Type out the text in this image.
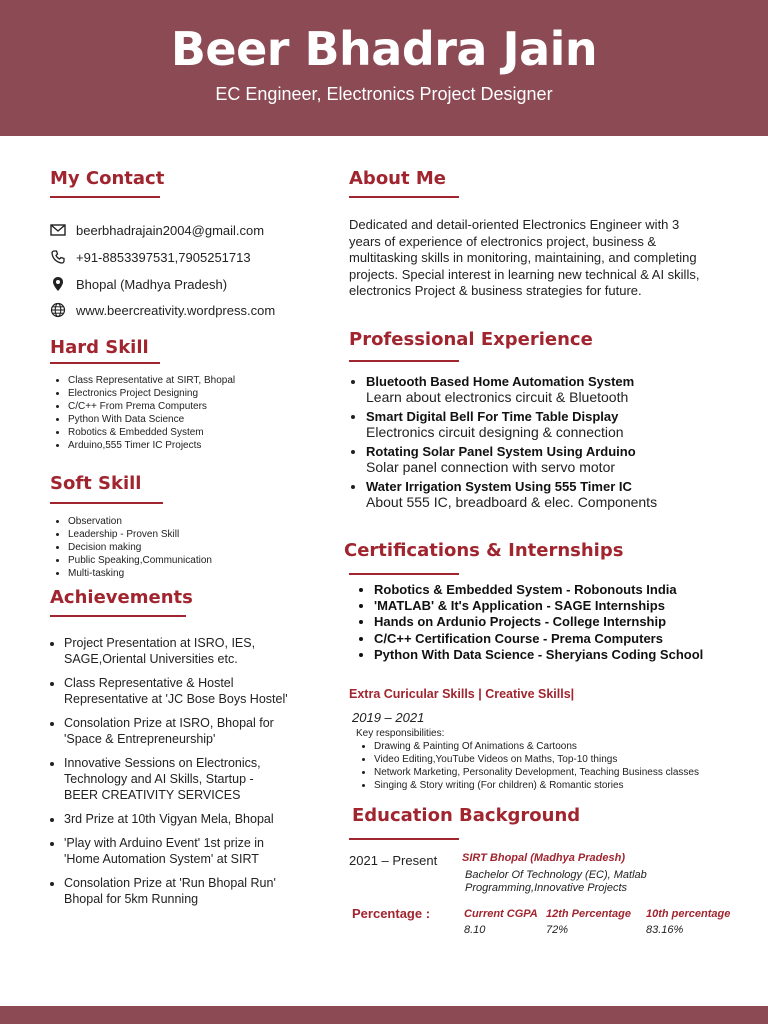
Beer Bhadra Jain
EC Engineer, Electronics Project Designer
My Contact
beerbhadrajain2004@gmail.com
+91-8853397531,7905251713
Bhopal (Madhya Pradesh)
www.beercreativity.wordpress.com
Hard Skill
• Class Representative at SIRT, Bhopal
• Electronics Project Designing
• C/C++ From Prema Computers
• Python With Data Science
• Robotics & Embedded System
• Arduino,555 Timer IC Projects
Soft Skill
• Observation
• Leadership - Proven Skill
• Decision making
• Public Speaking,Communication
• Multi-tasking
Achievements
• Project Presentation at ISRO, IES, SAGE,Oriental Universities etc.
• Class Representative & Hostel Representative at 'JC Bose Boys Hostel'
• Consolation Prize at ISRO, Bhopal for 'Space & Entrepreneurship'
• Innovative Sessions on Electronics, Technology and AI Skills, Startup - BEER CREATIVITY SERVICES
• 3rd Prize at 10th Vigyan Mela, Bhopal
• 'Play with Arduino Event' 1st prize in 'Home Automation System' at SIRT
• Consolation Prize at 'Run Bhopal Run' Bhopal for 5km Running
About Me
Dedicated and detail-oriented Electronics Engineer with 3 years of experience of electronics project, business & multitasking skills in monitoring, maintaining, and completing projects. Special interest in learning new technical & AI skills, electronics Project & business strategies for future.
Professional Experience
• Bluetooth Based Home Automation System
Learn about electronics circuit & Bluetooth
• Smart Digital Bell For Time Table Display
Electronics circuit designing & connection
• Rotating Solar Panel System Using Arduino
Solar panel connection with servo motor
• Water Irrigation System Using 555 Timer IC
About 555 IC, breadboard & elec. Components
Certifications & Internships
• Robotics & Embedded System - Robonouts India
• 'MATLAB' & It's Application - SAGE Internships
• Hands on Ardunio Projects - College Internship
• C/C++ Certification Course - Prema Computers
• Python With Data Science - Sheryians Coding School
Extra Curicular Skills | Creative Skills|
2019 – 2021
Key responsibilities:
• Drawing & Painting Of Animations & Cartoons
• Video Editing,YouTube Videos on Maths, Top-10 things
• Network Marketing, Personality Development, Teaching Business classes
• Singing & Story writing (For children) & Romantic stories
Education Background
2021 – Present SIRT Bhopal (Madhya Pradesh)
Bachelor Of Technology (EC), Matlab Programming,Innovative Projects
Percentage :	Current CGPA
8.10
12th Percentage
72%
10th percentage
83.16%
